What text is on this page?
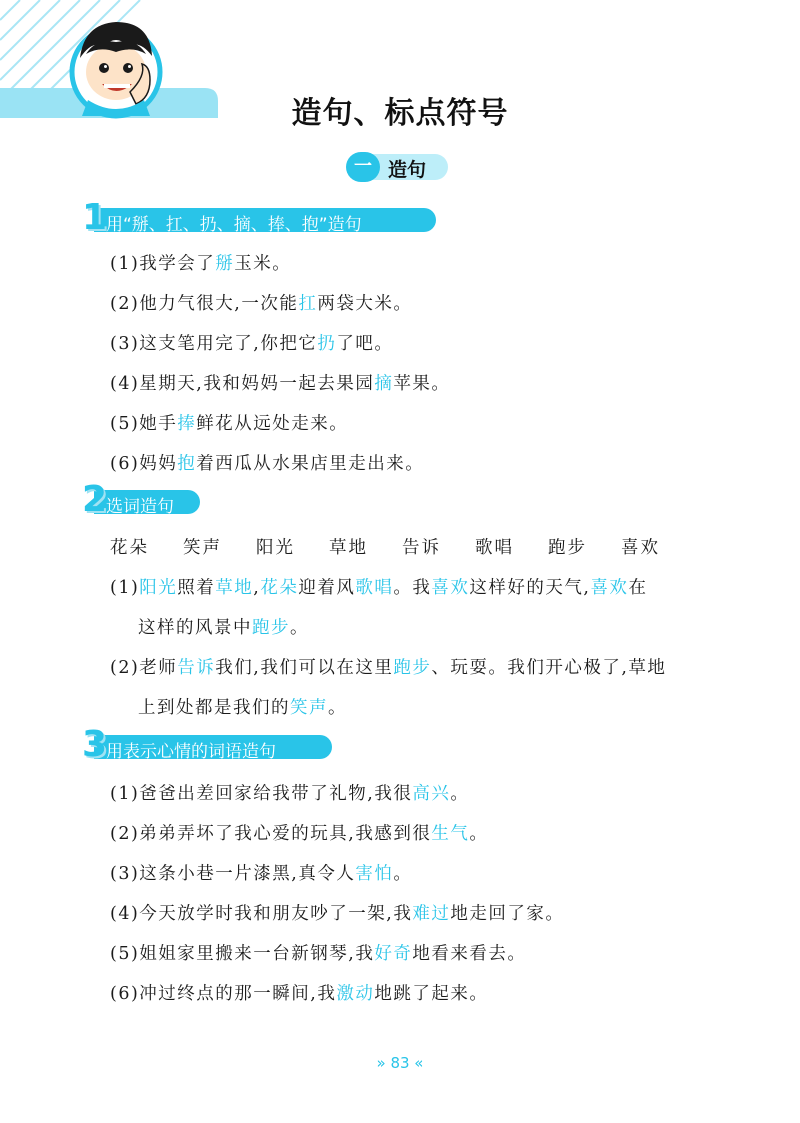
造句、标点符号
一 造句
1
用“掰、扛、扔、摘、捧、抱”造句
(1)我学会了掰玉米。
(2)他力气很大,一次能扛两袋大米。
(3)这支笔用完了,你把它扔了吧。
(4)星期天,我和妈妈一起去果园摘苹果。
(5)她手捧鲜花从远处走来。
(6)妈妈抱着西瓜从水果店里走出来。
2
选词造句
花朵 笑声 阳光 草地 告诉 歌唱 跑步 喜欢
(1)阳光照着草地,花朵迎着风歌唱。我喜欢这样好的天气,喜欢在
这样的风景中跑步。
(2)老师告诉我们,我们可以在这里跑步、玩耍。我们开心极了,草地
上到处都是我们的笑声。
3
用表示心情的词语造句
(1)爸爸出差回家给我带了礼物,我很高兴。
(2)弟弟弄坏了我心爱的玩具,我感到很生气。
(3)这条小巷一片漆黑,真令人害怕。
(4)今天放学时我和朋友吵了一架,我难过地走回了家。
(5)姐姐家里搬来一台新钢琴,我好奇地看来看去。
(6)冲过终点的那一瞬间,我激动地跳了起来。
» 83 «
